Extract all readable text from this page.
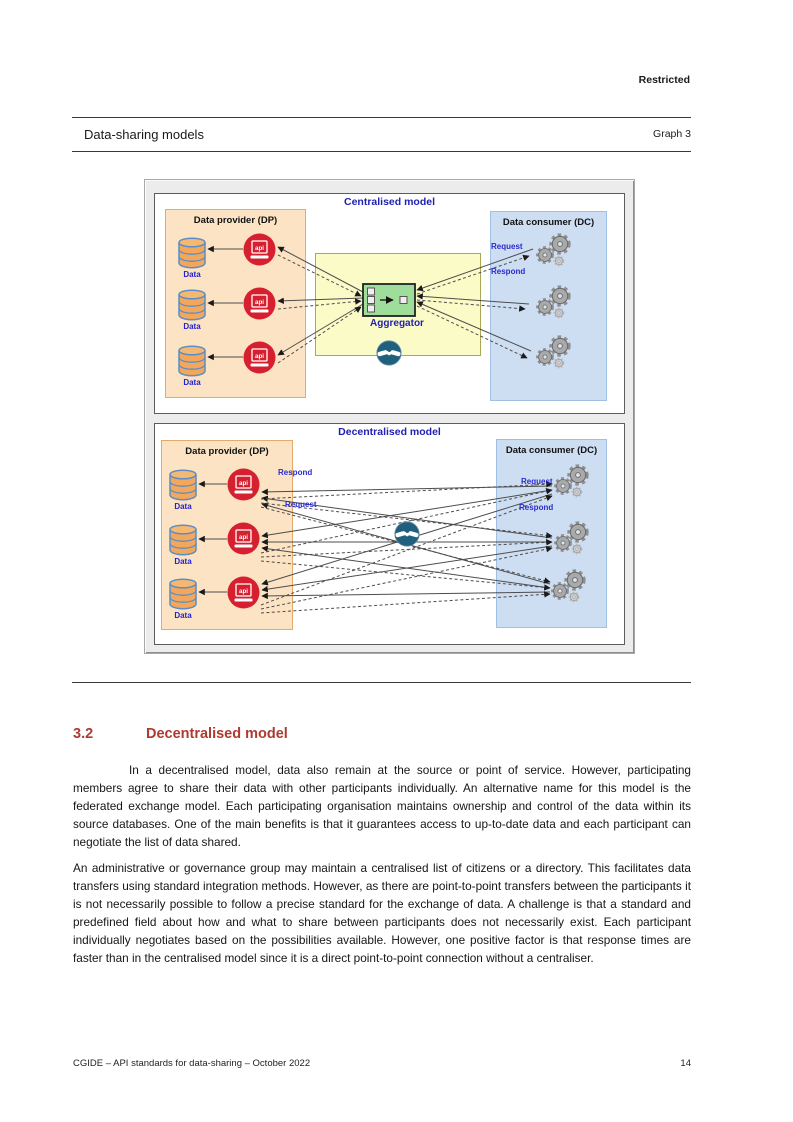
Restricted
Data-sharing models	Graph 3
Centralised model
Data provider (DP)	Data consumer (DC)
Data
Data
Data
api
api
api
Aggregator
Request
Respond
Decentralised model
Data provider (DP)	Data consumer (DC)
Data
Data
Data
api
api
api
Respond
Request
Request
Respond
3.2	Decentralised model

In a decentralised model, data also remain at the source or point of service. However, participating members agree to share their data with other participants individually. An alternative name for this model is the federated exchange model. Each participating organisation maintains ownership and control of the data within its source databases. One of the main benefits is that it guarantees access to up-to-date data and each participant can negotiate the list of data shared.

An administrative or governance group may maintain a centralised list of citizens or a directory. This facilitates data transfers using standard integration methods. However, as there are point-to-point transfers between the participants it is not necessarily possible to follow a precise standard for the exchange of data. A challenge is that a standard and predefined field about how and what to share between participants does not necessarily exist. Each participant individually negotiates based on the possibilities available. However, one positive factor is that response times are faster than in the centralised model since it is a direct point-to-point connection without a centraliser.

CGIDE – API standards for data-sharing – October 2022	14
